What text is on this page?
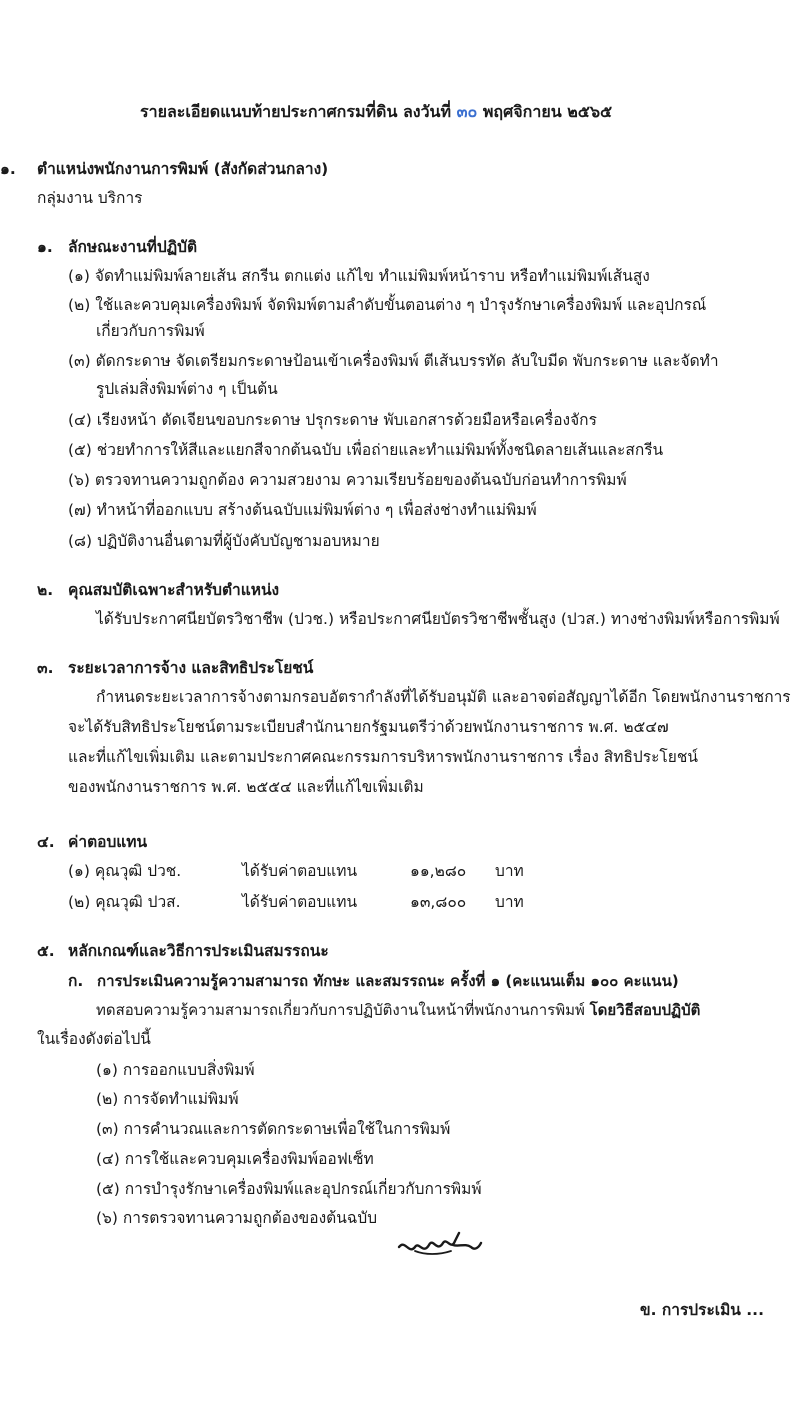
รายละเอียดแนบท้ายประกาศกรมที่ดิน ลงวันที่ ๓๐ พฤศจิกายน ๒๕๖๕
๑. ตำแหน่งพนักงานการพิมพ์ (สังกัดส่วนกลาง)
กลุ่มงาน บริการ
๑. ลักษณะงานที่ปฏิบัติ
(๑) จัดทำแม่พิมพ์ลายเส้น สกรีน ตกแต่ง แก้ไข ทำแม่พิมพ์หน้าราบ หรือทำแม่พิมพ์เส้นสูง
(๒) ใช้และควบคุมเครื่องพิมพ์ จัดพิมพ์ตามลำดับขั้นตอนต่าง ๆ บำรุงรักษาเครื่องพิมพ์ และอุปกรณ์
เกี่ยวกับการพิมพ์
(๓) ตัดกระดาษ จัดเตรียมกระดาษป้อนเข้าเครื่องพิมพ์ ตีเส้นบรรทัด ลับใบมีด พับกระดาษ และจัดทำ
รูปเล่มสิ่งพิมพ์ต่าง ๆ เป็นต้น
(๔) เรียงหน้า ตัดเจียนขอบกระดาษ ปรุกระดาษ พับเอกสารด้วยมือหรือเครื่องจักร
(๕) ช่วยทำการให้สีและแยกสีจากต้นฉบับ เพื่อถ่ายและทำแม่พิมพ์ทั้งชนิดลายเส้นและสกรีน
(๖) ตรวจทานความถูกต้อง ความสวยงาม ความเรียบร้อยของต้นฉบับก่อนทำการพิมพ์
(๗) ทำหน้าที่ออกแบบ สร้างต้นฉบับแม่พิมพ์ต่าง ๆ เพื่อส่งช่างทำแม่พิมพ์
(๘) ปฏิบัติงานอื่นตามที่ผู้บังคับบัญชามอบหมาย
๒. คุณสมบัติเฉพาะสำหรับตำแหน่ง
ได้รับประกาศนียบัตรวิชาชีพ (ปวช.) หรือประกาศนียบัตรวิชาชีพชั้นสูง (ปวส.) ทางช่างพิมพ์หรือการพิมพ์
๓. ระยะเวลาการจ้าง และสิทธิประโยชน์
กำหนดระยะเวลาการจ้างตามกรอบอัตรากำลังที่ได้รับอนุมัติ และอาจต่อสัญญาได้อีก โดยพนักงานราชการ
จะได้รับสิทธิประโยชน์ตามระเบียบสำนักนายกรัฐมนตรีว่าด้วยพนักงานราชการ พ.ศ. ๒๕๔๗
และที่แก้ไขเพิ่มเติม และตามประกาศคณะกรรมการบริหารพนักงานราชการ เรื่อง สิทธิประโยชน์
ของพนักงานราชการ พ.ศ. ๒๕๕๔ และที่แก้ไขเพิ่มเติม
๔. ค่าตอบแทน
(๑) คุณวุฒิ ปวช.	ได้รับค่าตอบแทน	๑๑,๒๘๐ บาท
(๒) คุณวุฒิ ปวส.	ได้รับค่าตอบแทน	๑๓,๘๐๐ บาท
๕. หลักเกณฑ์และวิธีการประเมินสมรรถนะ
ก. การประเมินความรู้ความสามารถ ทักษะ และสมรรถนะ ครั้งที่ ๑ (คะแนนเต็ม ๑๐๐ คะแนน)
ทดสอบความรู้ความสามารถเกี่ยวกับการปฏิบัติงานในหน้าที่พนักงานการพิมพ์ โดยวิธีสอบปฏิบัติ
ในเรื่องดังต่อไปนี้
(๑) การออกแบบสิ่งพิมพ์
(๒) การจัดทำแม่พิมพ์
(๓) การคำนวณและการตัดกระดาษเพื่อใช้ในการพิมพ์
(๔) การใช้และควบคุมเครื่องพิมพ์ออฟเซ็ท
(๕) การบำรุงรักษาเครื่องพิมพ์และอุปกรณ์เกี่ยวกับการพิมพ์
(๖) การตรวจทานความถูกต้องของต้นฉบับ
ข. การประเมิน ...
